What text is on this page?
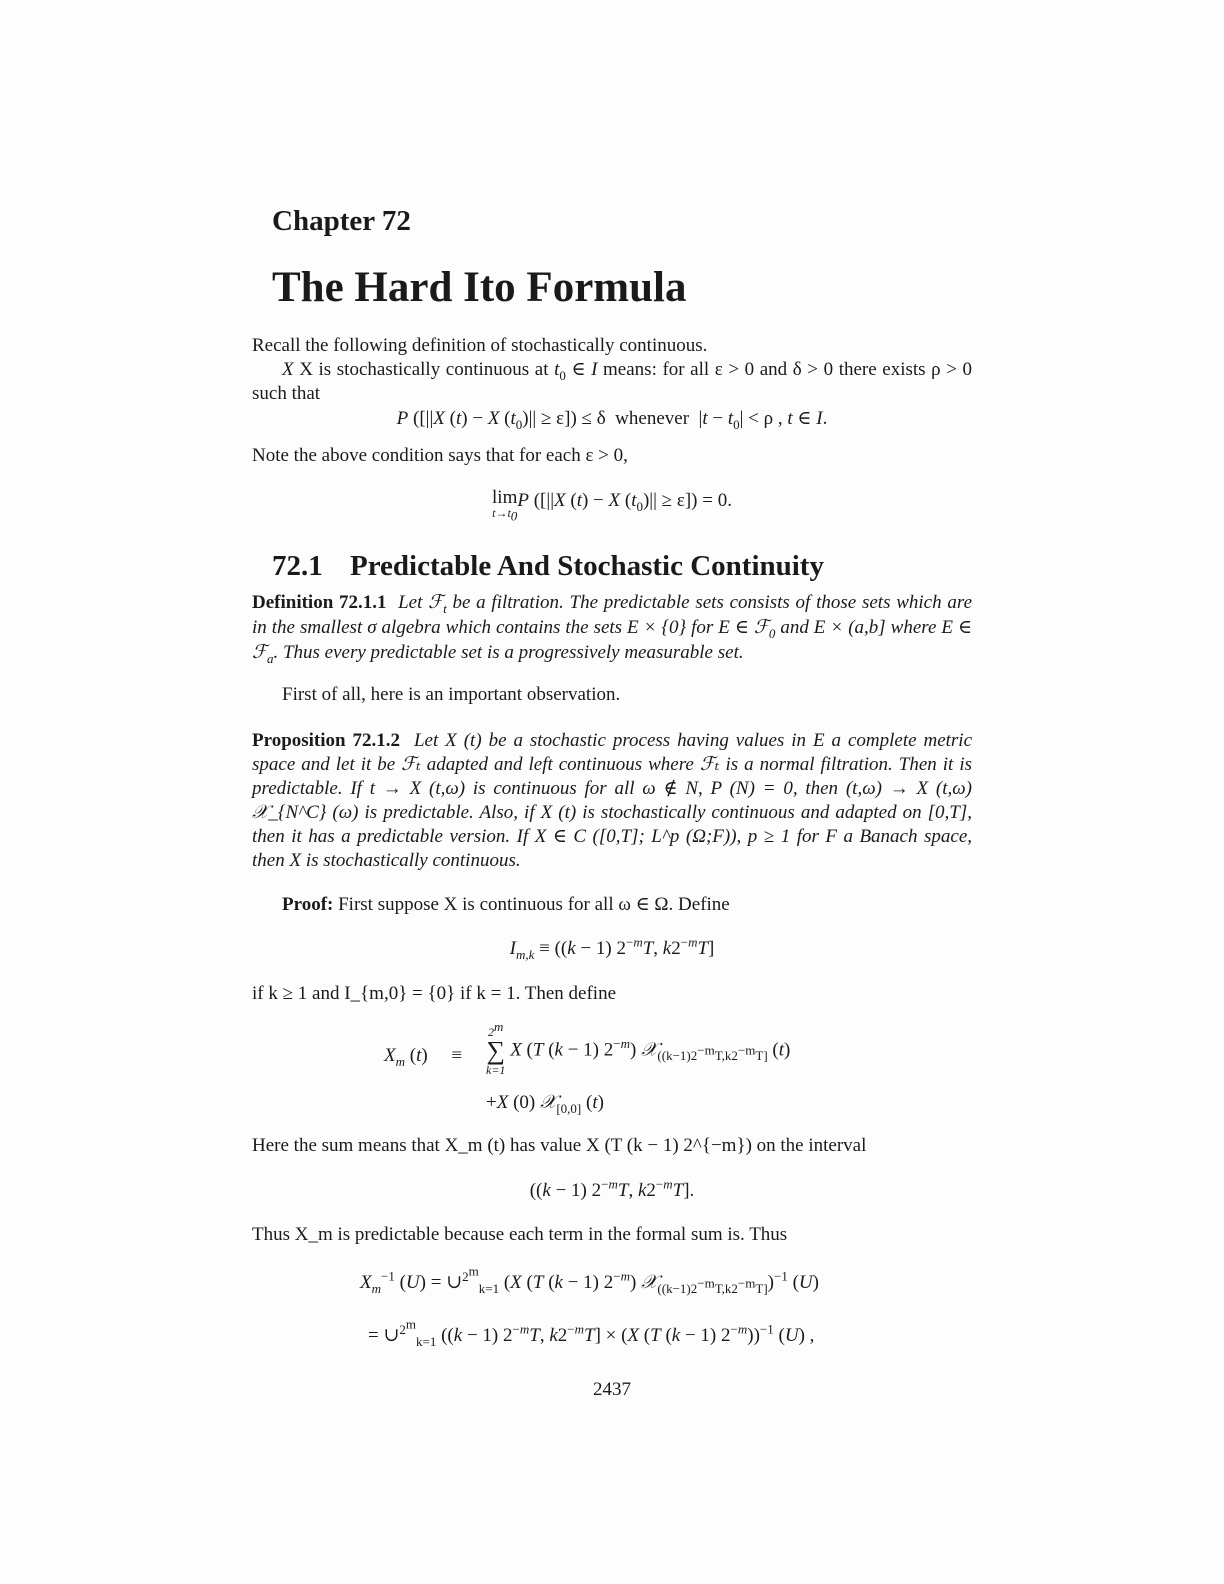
Chapter 72
The Hard Ito Formula
Recall the following definition of stochastically continuous.
X X is stochastically continuous at $t_0$ ∈ I means: for all ε > 0 and δ > 0 there exists ρ > 0 such that
P ([||X (t) − X $(t_0)|| \ge \varepsilon]) \le \delta$  whenever  $|t - t_0| < \rho$ , t ∈ I.
Note the above condition says that for each ε > 0,
lim
$t\to t_0$
P ([||X (t) − X $(t_0)|| \ge \varepsilon]) = 0$.
72.1 Predictable And Stochastic Continuity
Definition 72.1.1 Let ℱ$_t$ be a filtration. The predictable sets consists of those sets which are in the smallest σ algebra which contains the sets E × {0} for E ∈ ℱ$_0$ and E × (a,b] where E ∈ ℱ$_a$. Thus every predictable set is a progressively measurable set.
First of all, here is an important observation.
Proposition 72.1.2 Let X (t) be a stochastic process having values in E a complete metric space and let it be ℱₜ adapted and left continuous where ℱₜ is a normal filtration. Then it is predictable. If t → X (t,ω) is continuous for all ω ∉ N, P (N) = 0, then (t,ω) → X (t,ω) 𝒳_{N^C} (ω) is predictable. Also, if X (t) is stochastically continuous and adapted on [0,T], then it has a predictable version. If X ∈ C ([0,T]; L^p (Ω;F)), p ≥ 1 for F a Banach space, then X is stochastically continuous.
Proof: First suppose X is continuous for all ω ∈ Ω. Define
$I_{m,k} \equiv ((k - 1)$ $2^{-m}T$, $k2^{-m}T$]
if k ≥ 1 and I_{m,0} = {0} if k = 1. Then define
$X_m$ (t)     ≡
$2^m$
∑
k=1
X (T (k − 1) $2^{-m}$) 𝒳$_{((k-1)2^{-m}T,k2^{-m}T]}$ (t)
+X (0) 𝒳$_{[0,0]}$ (t)
Here the sum means that X_m (t) has value X (T (k − 1) 2^{−m}) on the interval
((k − 1) $2^{-m}T$, $k2^{-m}T$].
Thus X_m is predictable because each term in the formal sum is. Thus
$X_m^{-1}$ (U) = ∪$^{2^m}_{k=1}$ (X (T (k − 1) $2^{-m}$) 𝒳$_{((k-1)2^{-m}T,k2^{-m}T]}$)$^{-1}$ (U)
= ∪$^{2^m}_{k=1}$ ((k − 1) $2^{-m}T$, $k2^{-m}T] \times (X$ (T (k − 1) $2^{-m}))^{-1}$ (U) ,
2437
